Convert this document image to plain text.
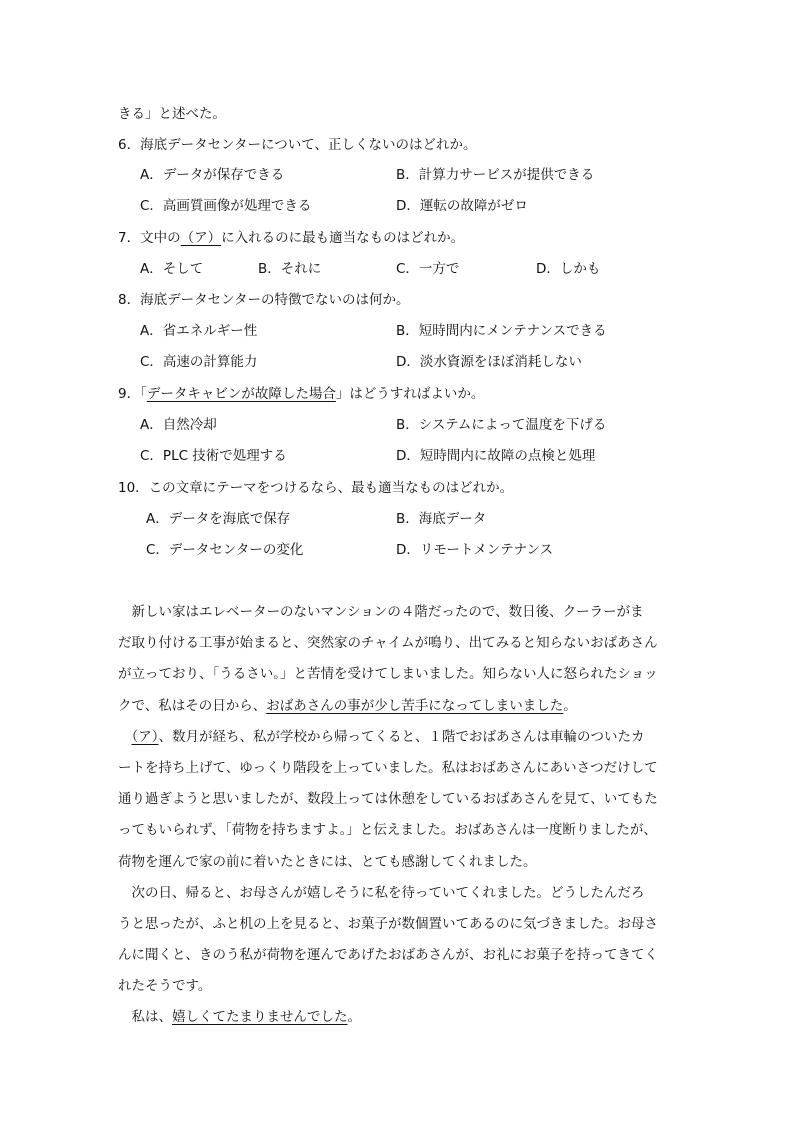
きる」と述べた。
6．海底データセンターについて、正しくないのはどれか。
A．データが保存できる	B．計算力サービスが提供できる
C．高画質画像が処理できる	D．運転の故障がゼロ
7．文中の（ア）に入れるのに最も適当なものはどれか。
A．そして	B．それに	C．一方で	D．しかも
8．海底データセンターの特徴でないのは何か。
A．省エネルギー性	B．短時間内にメンテナンスできる
C．高速の計算能力	D．淡水資源をほぼ消耗しない
9．「データキャビンが故障した場合」はどうすればよいか。
A．自然冷却	B．システムによって温度を下げる
C．PLC 技術で処理する	D．短時間内に故障の点検と処理
10．この文章にテーマをつけるなら、最も適当なものはどれか。
A．データを海底で保存	B．海底データ
C．データセンターの変化	D．リモートメンテナンス
　新しい家はエレベーターのないマンションの４階だったので、数日後、クーラーがま
だ取り付ける工事が始まると、突然家のチャイムが鳴り、出てみると知らないおばあさん
が立っており、「うるさい。」と苦情を受けてしまいました。知らない人に怒られたショッ
クで、私はその日から、おばあさんの事が少し苦手になってしまいました。
　（ア）、数月が経ち、私が学校から帰ってくると、１階でおばあさんは車輪のついたカ
ートを持ち上げて、ゆっくり階段を上っていました。私はおばあさんにあいさつだけして
通り過ぎようと思いましたが、数段上っては休憩をしているおばあさんを見て、いてもた
ってもいられず、「荷物を持ちますよ。」と伝えました。おばあさんは一度断りましたが、
荷物を運んで家の前に着いたときには、とても感謝してくれました。
　次の日、帰ると、お母さんが嬉しそうに私を待っていてくれました。どうしたんだろ
うと思ったが、ふと机の上を見ると、お菓子が数個置いてあるのに気づきました。お母さ
んに聞くと、きのう私が荷物を運んであげたおばあさんが、お礼にお菓子を持ってきてく
れたそうです。
　私は、嬉しくてたまりませんでした。
